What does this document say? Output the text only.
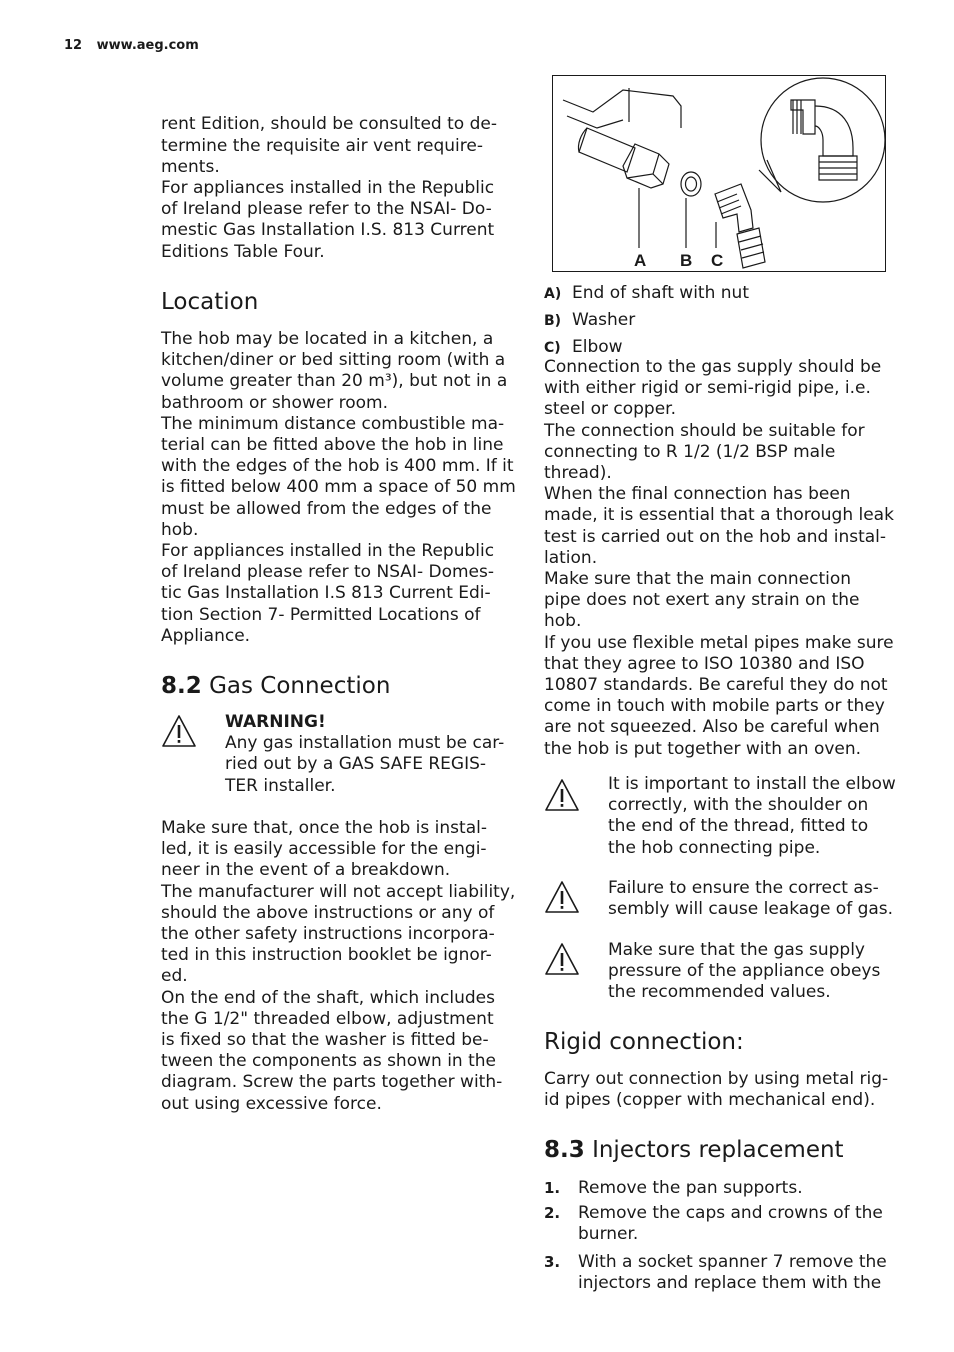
12 www.aeg.com

rent Edition, should be consulted to de-

termine the requisite air vent require-

ments.

For appliances installed in the Republic

of Ireland please refer to the NSAI- Do-

mestic Gas Installation I.S. 813 Current

Editions Table Four.

Location

The hob may be located in a kitchen, a

kitchen/diner or bed sitting room (with a

volume greater than 20 m³), but not in a

bathroom or shower room.

The minimum distance combustible ma-

terial can be fitted above the hob in line

with the edges of the hob is 400 mm. If it

is fitted below 400 mm a space of 50 mm

must be allowed from the edges of the

hob.

For appliances installed in the Republic

of Ireland please refer to NSAI- Domes-

tic Gas Installation I.S 813 Current Edi-

tion Section 7- Permitted Locations of

Appliance.

8.2 Gas Connection

WARNING!

Any gas installation must be car-

ried out by a GAS SAFE REGIS-

TER installer.

Make sure that, once the hob is instal-

led, it is easily accessible for the engi-

neer in the event of a breakdown.

The manufacturer will not accept liability,

should the above instructions or any of

the other safety instructions incorpora-

ted in this instruction booklet be ignor-

ed.

On the end of the shaft, which includes

the G 1/2" threaded elbow, adjustment

is fixed so that the washer is fitted be-

tween the components as shown in the

diagram. Screw the parts together with-

out using excessive force.

A B C
A) End of shaft with nut
B) Washer
C) Elbow

Connection to the gas supply should be

with either rigid or semi-rigid pipe, i.e.

steel or copper.

The connection should be suitable for

connecting to R 1/2 (1/2 BSP male

thread).

When the final connection has been

made, it is essential that a thorough leak

test is carried out on the hob and instal-

lation.

Make sure that the main connection

pipe does not exert any strain on the

hob.

If you use flexible metal pipes make sure

that they agree to ISO 10380 and ISO

10807 standards. Be careful they do not

come in touch with mobile parts or they

are not squeezed. Also be careful when

the hob is put together with an oven.

It is important to install the elbow

correctly, with the shoulder on

the end of the thread, fitted to

the hob connecting pipe.

Failure to ensure the correct as-

sembly will cause leakage of gas.

Make sure that the gas supply

pressure of the appliance obeys

the recommended values.

Rigid connection:

Carry out connection by using metal rig-

id pipes (copper with mechanical end).

8.3 Injectors replacement
1.	Remove the pan supports.

2.	Remove the caps and crowns of the

burner.

3.	With a socket spanner 7 remove the

injectors and replace them with the
